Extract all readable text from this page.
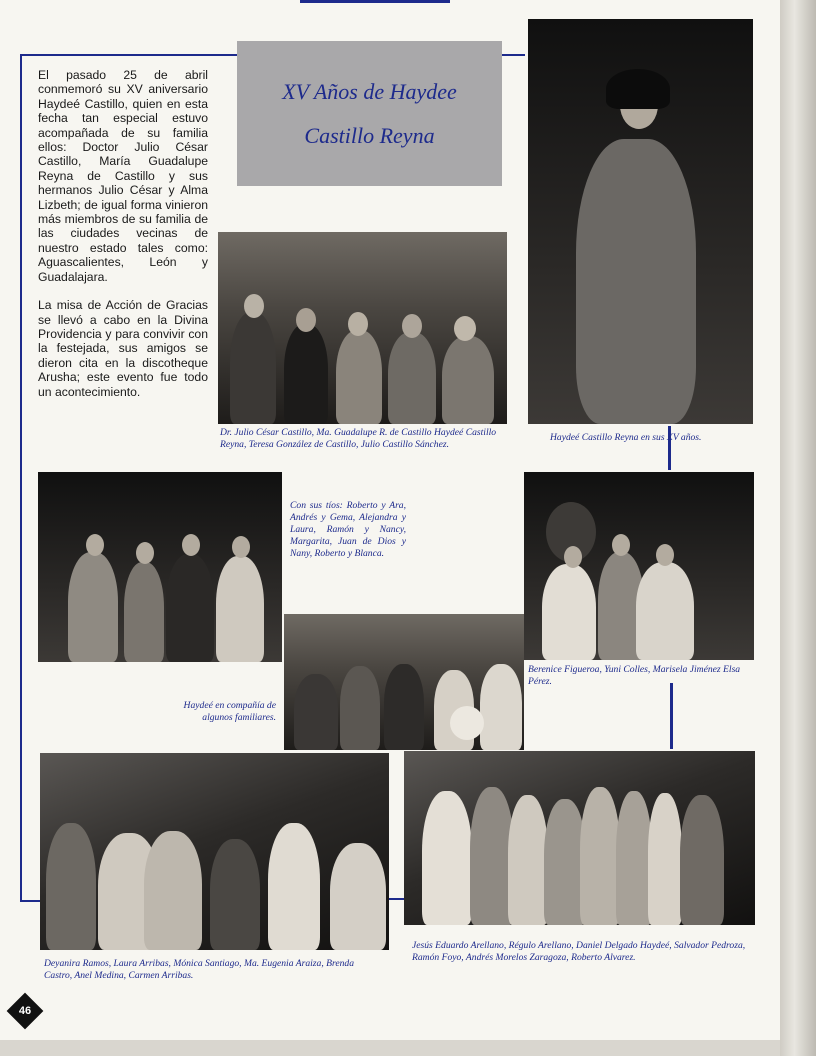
El pasado 25 de abril conmemoró su XV aniversario Haydeé Castillo, quien en esta fecha tan especial estuvo acompañada de su familia ellos: Doctor Julio César Castillo, María Guadalupe Reyna de Castillo y sus hermanos Julio César y Alma Lizbeth; de igual forma vinieron más miembros de su familia de las ciudades vecinas de nuestro estado tales como: Aguascalientes, León y Guadalajara.

La misa de Acción de Gracias se llevó a cabo en la Divina Providencia y para convivir con la festejada, sus amigos se dieron cita en la discotheque Arusha; este evento fue todo un acontecimiento.

XV Años de Haydee
Castillo Reyna
Dr. Julio César Castillo, Ma. Guadalupe R. de Castillo Haydeé Castillo Reyna, Teresa González de Castillo, Julio Castillo Sánchez.
Haydeé Castillo Reyna en sus XV años.
Con sus tíos: Roberto y Ara, Andrés y Gema, Alejandra y Laura, Ramón y Nancy, Margarita, Juan de Dios y Nany, Roberto y Blanca.
Haydeé en compañía de algunos familiares.
Berenice Figueroa, Yuni Colles, Marisela Jiménez Elsa Pérez.
Deyanira Ramos, Laura Arribas, Mónica Santiago, Ma. Eugenia Araiza, Brenda Castro, Anel Medina, Carmen Arribas.
Jesús Eduardo Arellano, Régulo Arellano, Daniel Delgado Haydeé, Salvador Pedroza, Ramón Foyo, Andrés Morelos Zaragoza, Roberto Alvarez.
46
